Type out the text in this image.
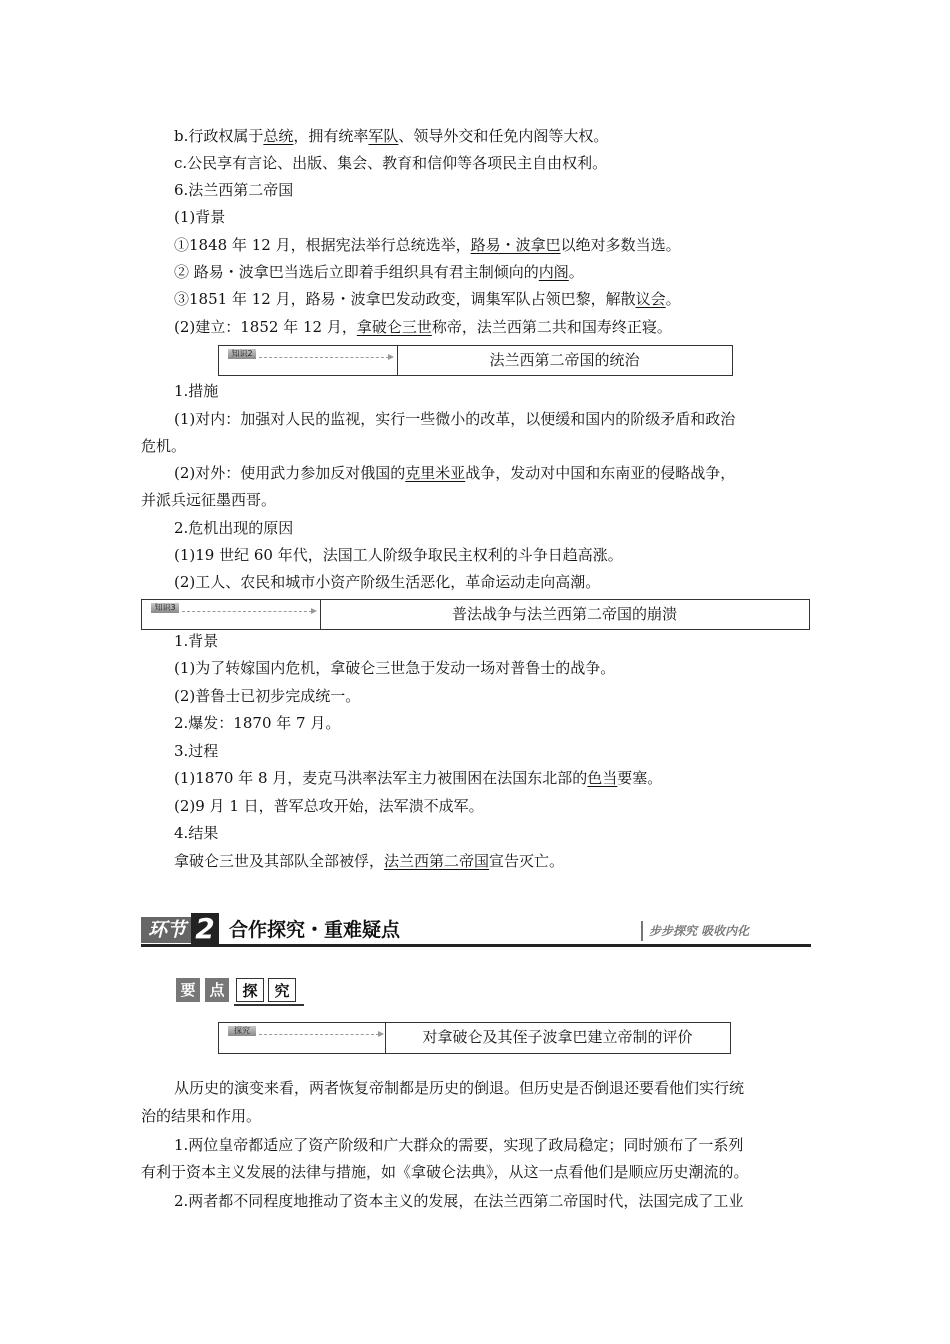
b.行政权属于总统，拥有统率军队、领导外交和任免内阁等大权。
c.公民享有言论、出版、集会、教育和信仰等各项民主自由权利。
6.法兰西第二帝国
(1)背景
①1848 年 12 月，根据宪法举行总统选举，路易・波拿巴以绝对多数当选。
② 路易・波拿巴当选后立即着手组织具有君主制倾向的内阁。
③1851 年 12 月，路易・波拿巴发动政变，调集军队占领巴黎，解散议会。
(2)建立：1852 年 12 月，拿破仑三世称帝，法兰西第二共和国寿终正寝。
知识2	法兰西第二帝国的统治
1.措施
(1)对内：加强对人民的监视，实行一些微小的改革，以便缓和国内的阶级矛盾和政治
危机。
(2)对外：使用武力参加反对俄国的克里米亚战争，发动对中国和东南亚的侵略战争，
并派兵远征墨西哥。
2.危机出现的原因
(1)19 世纪 60 年代，法国工人阶级争取民主权利的斗争日趋高涨。
(2)工人、农民和城市小资产阶级生活恶化，革命运动走向高潮。
知识3	普法战争与法兰西第二帝国的崩溃
1.背景
(1)为了转嫁国内危机，拿破仑三世急于发动一场对普鲁士的战争。
(2)普鲁士已初步完成统一。
2.爆发：1870 年 7 月。
3.过程
(1)1870 年 8 月，麦克马洪率法军主力被围困在法国东北部的色当要塞。
(2)9 月 1 日，普军总攻开始，法军溃不成军。
4.结果
拿破仑三世及其部队全部被俘，法兰西第二帝国宣告灭亡。
环节 2 合作探究・重难疑点	步步探究 吸收内化
要 点	探	究
探究	对拿破仑及其侄子波拿巴建立帝制的评价
从历史的演变来看，两者恢复帝制都是历史的倒退。但历史是否倒退还要看他们实行统
治的结果和作用。
1.两位皇帝都适应了资产阶级和广大群众的需要，实现了政局稳定；同时颁布了一系列
有利于资本主义发展的法律与措施，如《拿破仑法典》，从这一点看他们是顺应历史潮流的。
2.两者都不同程度地推动了资本主义的发展，在法兰西第二帝国时代，法国完成了工业
